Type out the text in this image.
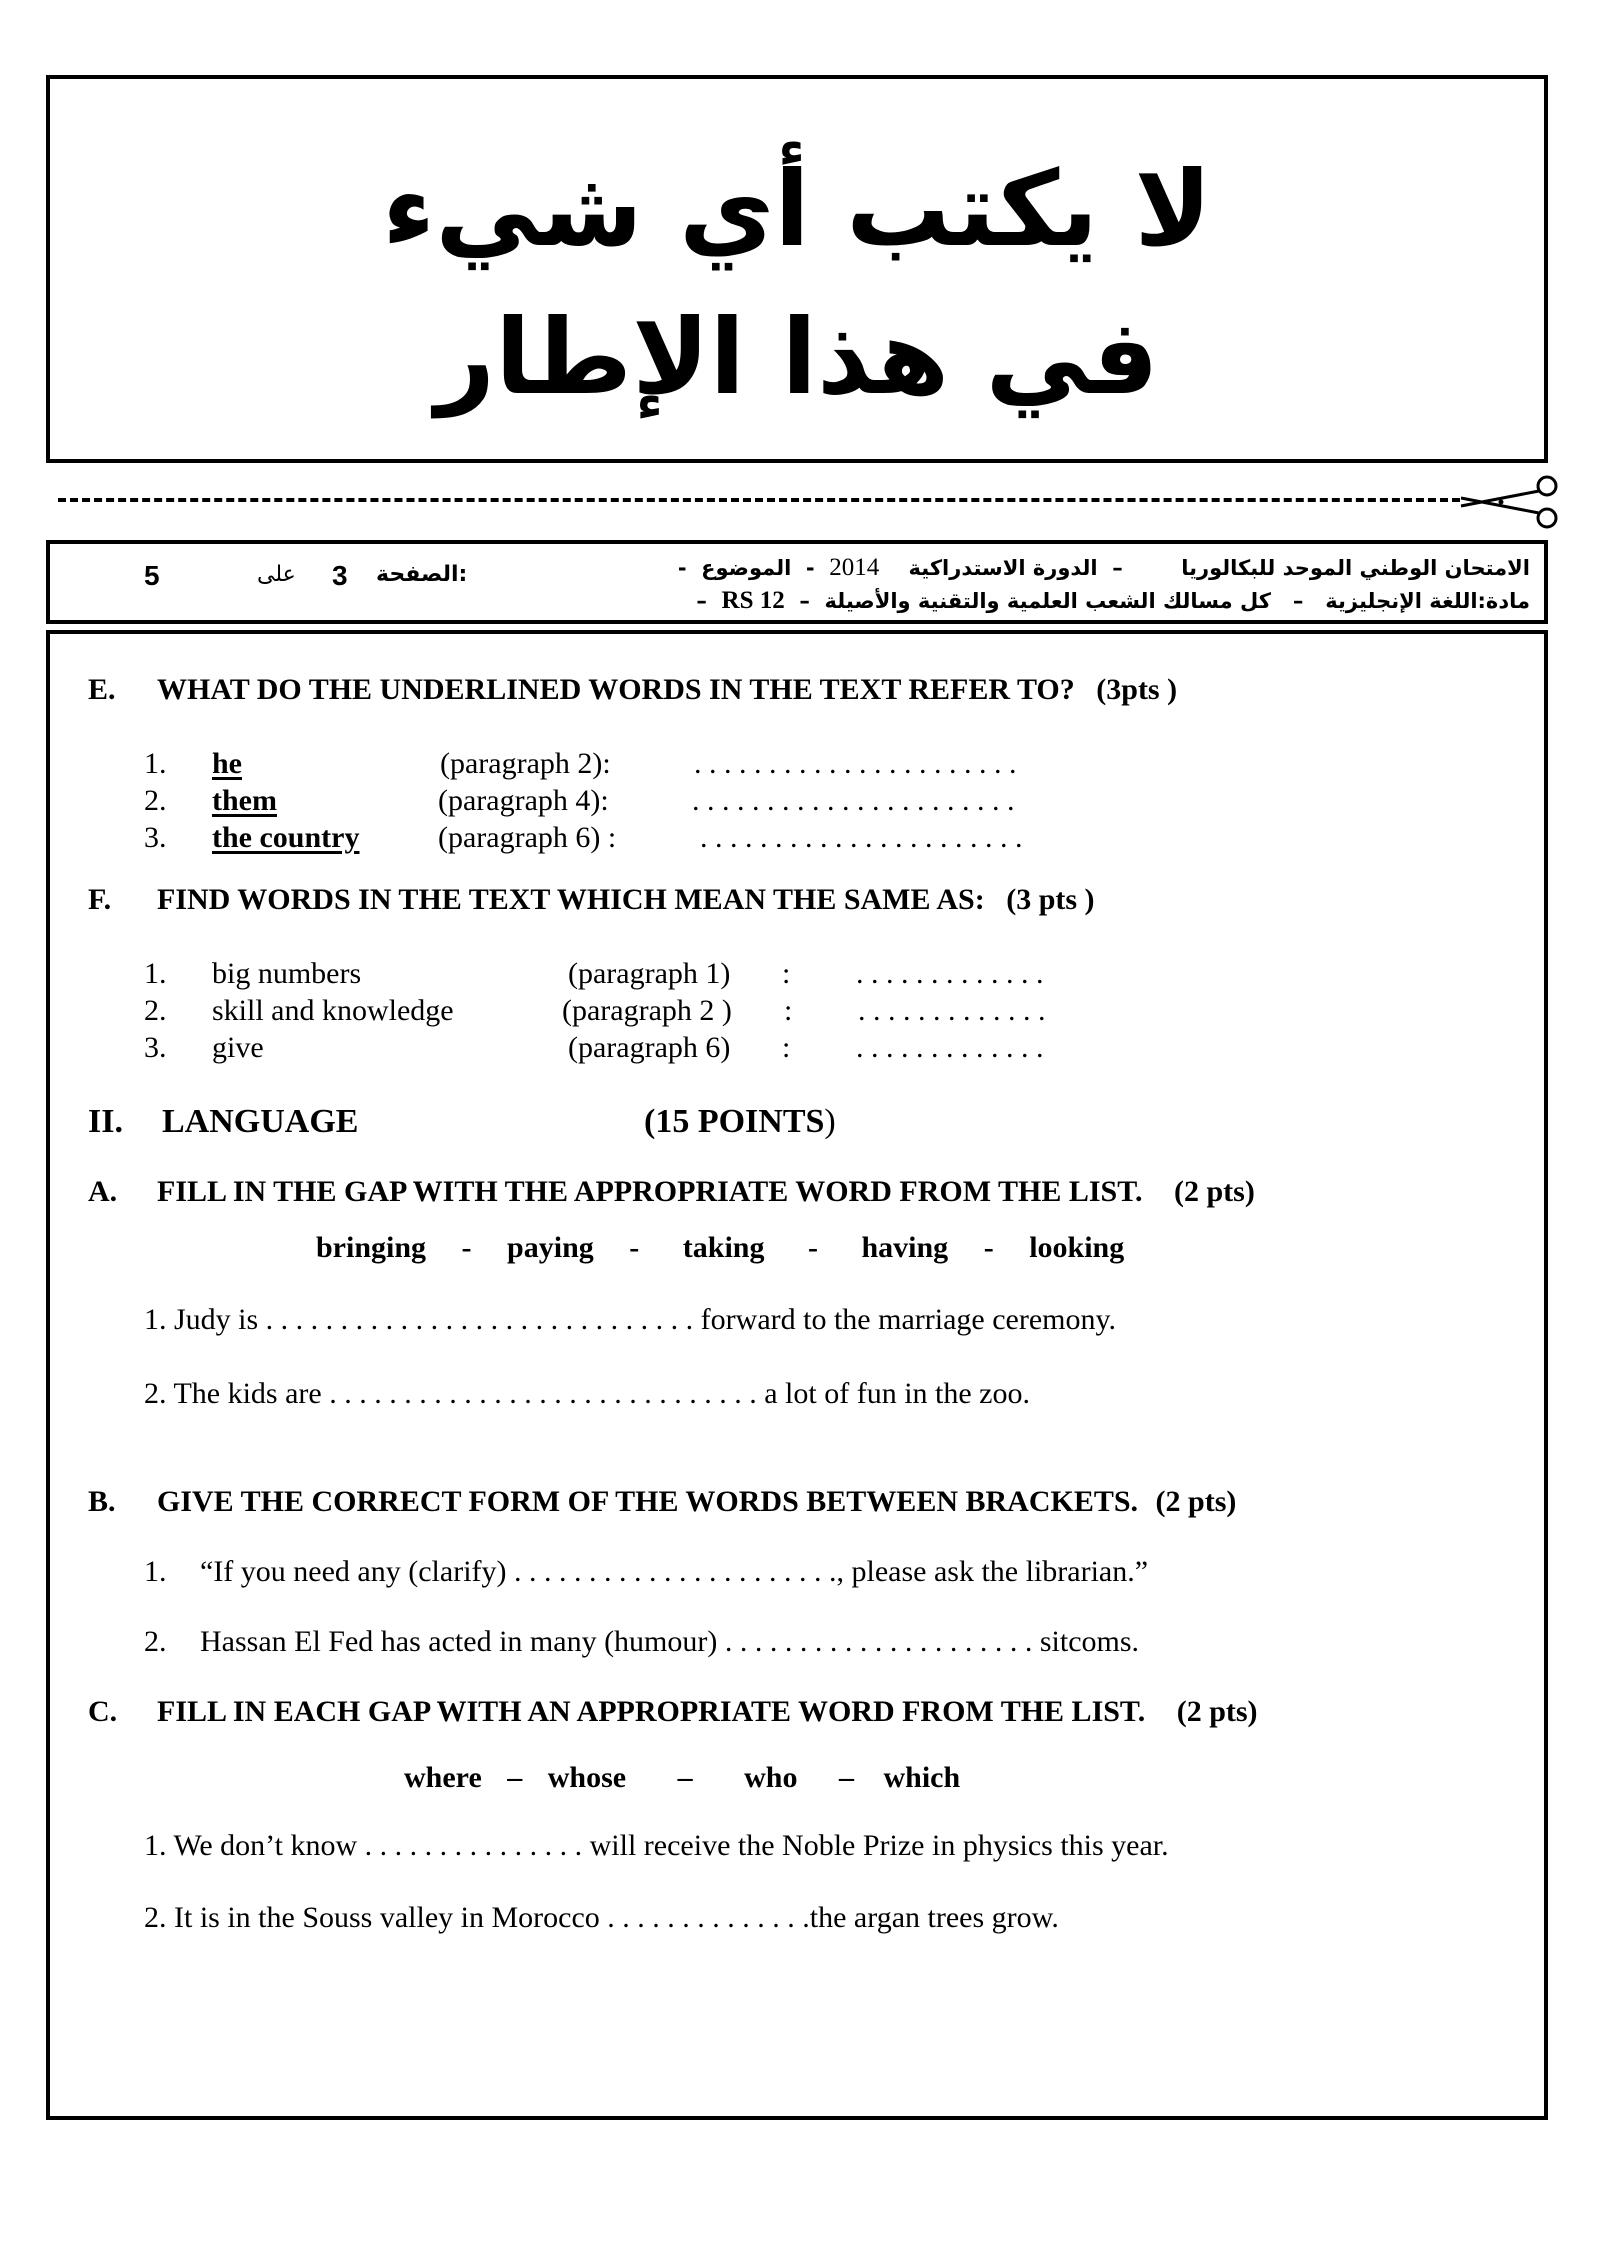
لا يكتب أي شيء
في هذا الإطار
الامتحان الوطني الموحد للبكالوريا        –  الدورة الاستدراكية    2014  -  الموضوع  -
مادة:اللغة الإنجليزية   –   كل مسالك الشعب العلمية والتقنية والأصيلة  –  RS 12  –
5	على 3 الصفحة:
E. WHAT DO THE UNDERLINED WORDS IN THE TEXT REFER TO? (3pts )
1. he	(paragraph 2):	. . . . . . . . . . . . . . . . . . . . . .
2. them	(paragraph 4):	. . . . . . . . . . . . . . . . . . . . . .
3. the country	(paragraph 6) :	. . . . . . . . . . . . . . . . . . . . . .
F. FIND WORDS IN THE TEXT WHICH MEAN THE SAME AS: (3 pts )
1. big numbers	(paragraph 1) : . . . . . . . . . . . . .
2. skill and knowledge	(paragraph 2 ) : . . . . . . . . . . . . .
3. give	(paragraph 6) : . . . . . . . . . . . . .
II. LANGUAGE	(15 POINTS)
A. FILL IN THE GAP WITH THE APPROPRIATE WORD FROM THE LIST. (2 pts)
bringing - paying - taking - having - looking
1. Judy is . . . . . . . . . . . . . . . . . . . . . . . . . . . . . forward to the marriage ceremony.
2. The kids are . . . . . . . . . . . . . . . . . . . . . . . . . . . . . a lot of fun in the zoo.
B. GIVE THE CORRECT FORM OF THE WORDS BETWEEN BRACKETS. (2 pts)
1. “If you need any (clarify) . . . . . . . . . . . . . . . . . . . . . ., please ask the librarian.”
2. Hassan El Fed has acted in many (humour) . . . . . . . . . . . . . . . . . . . . . sitcoms.
C. FILL IN EACH GAP WITH AN APPROPRIATE WORD FROM THE LIST. (2 pts)
where – whose – who – which
1. We don’t know . . . . . . . . . . . . . . . will receive the Noble Prize in physics this year.
2. It is in the Souss valley in Morocco . . . . . . . . . . . . . .the argan trees grow.
